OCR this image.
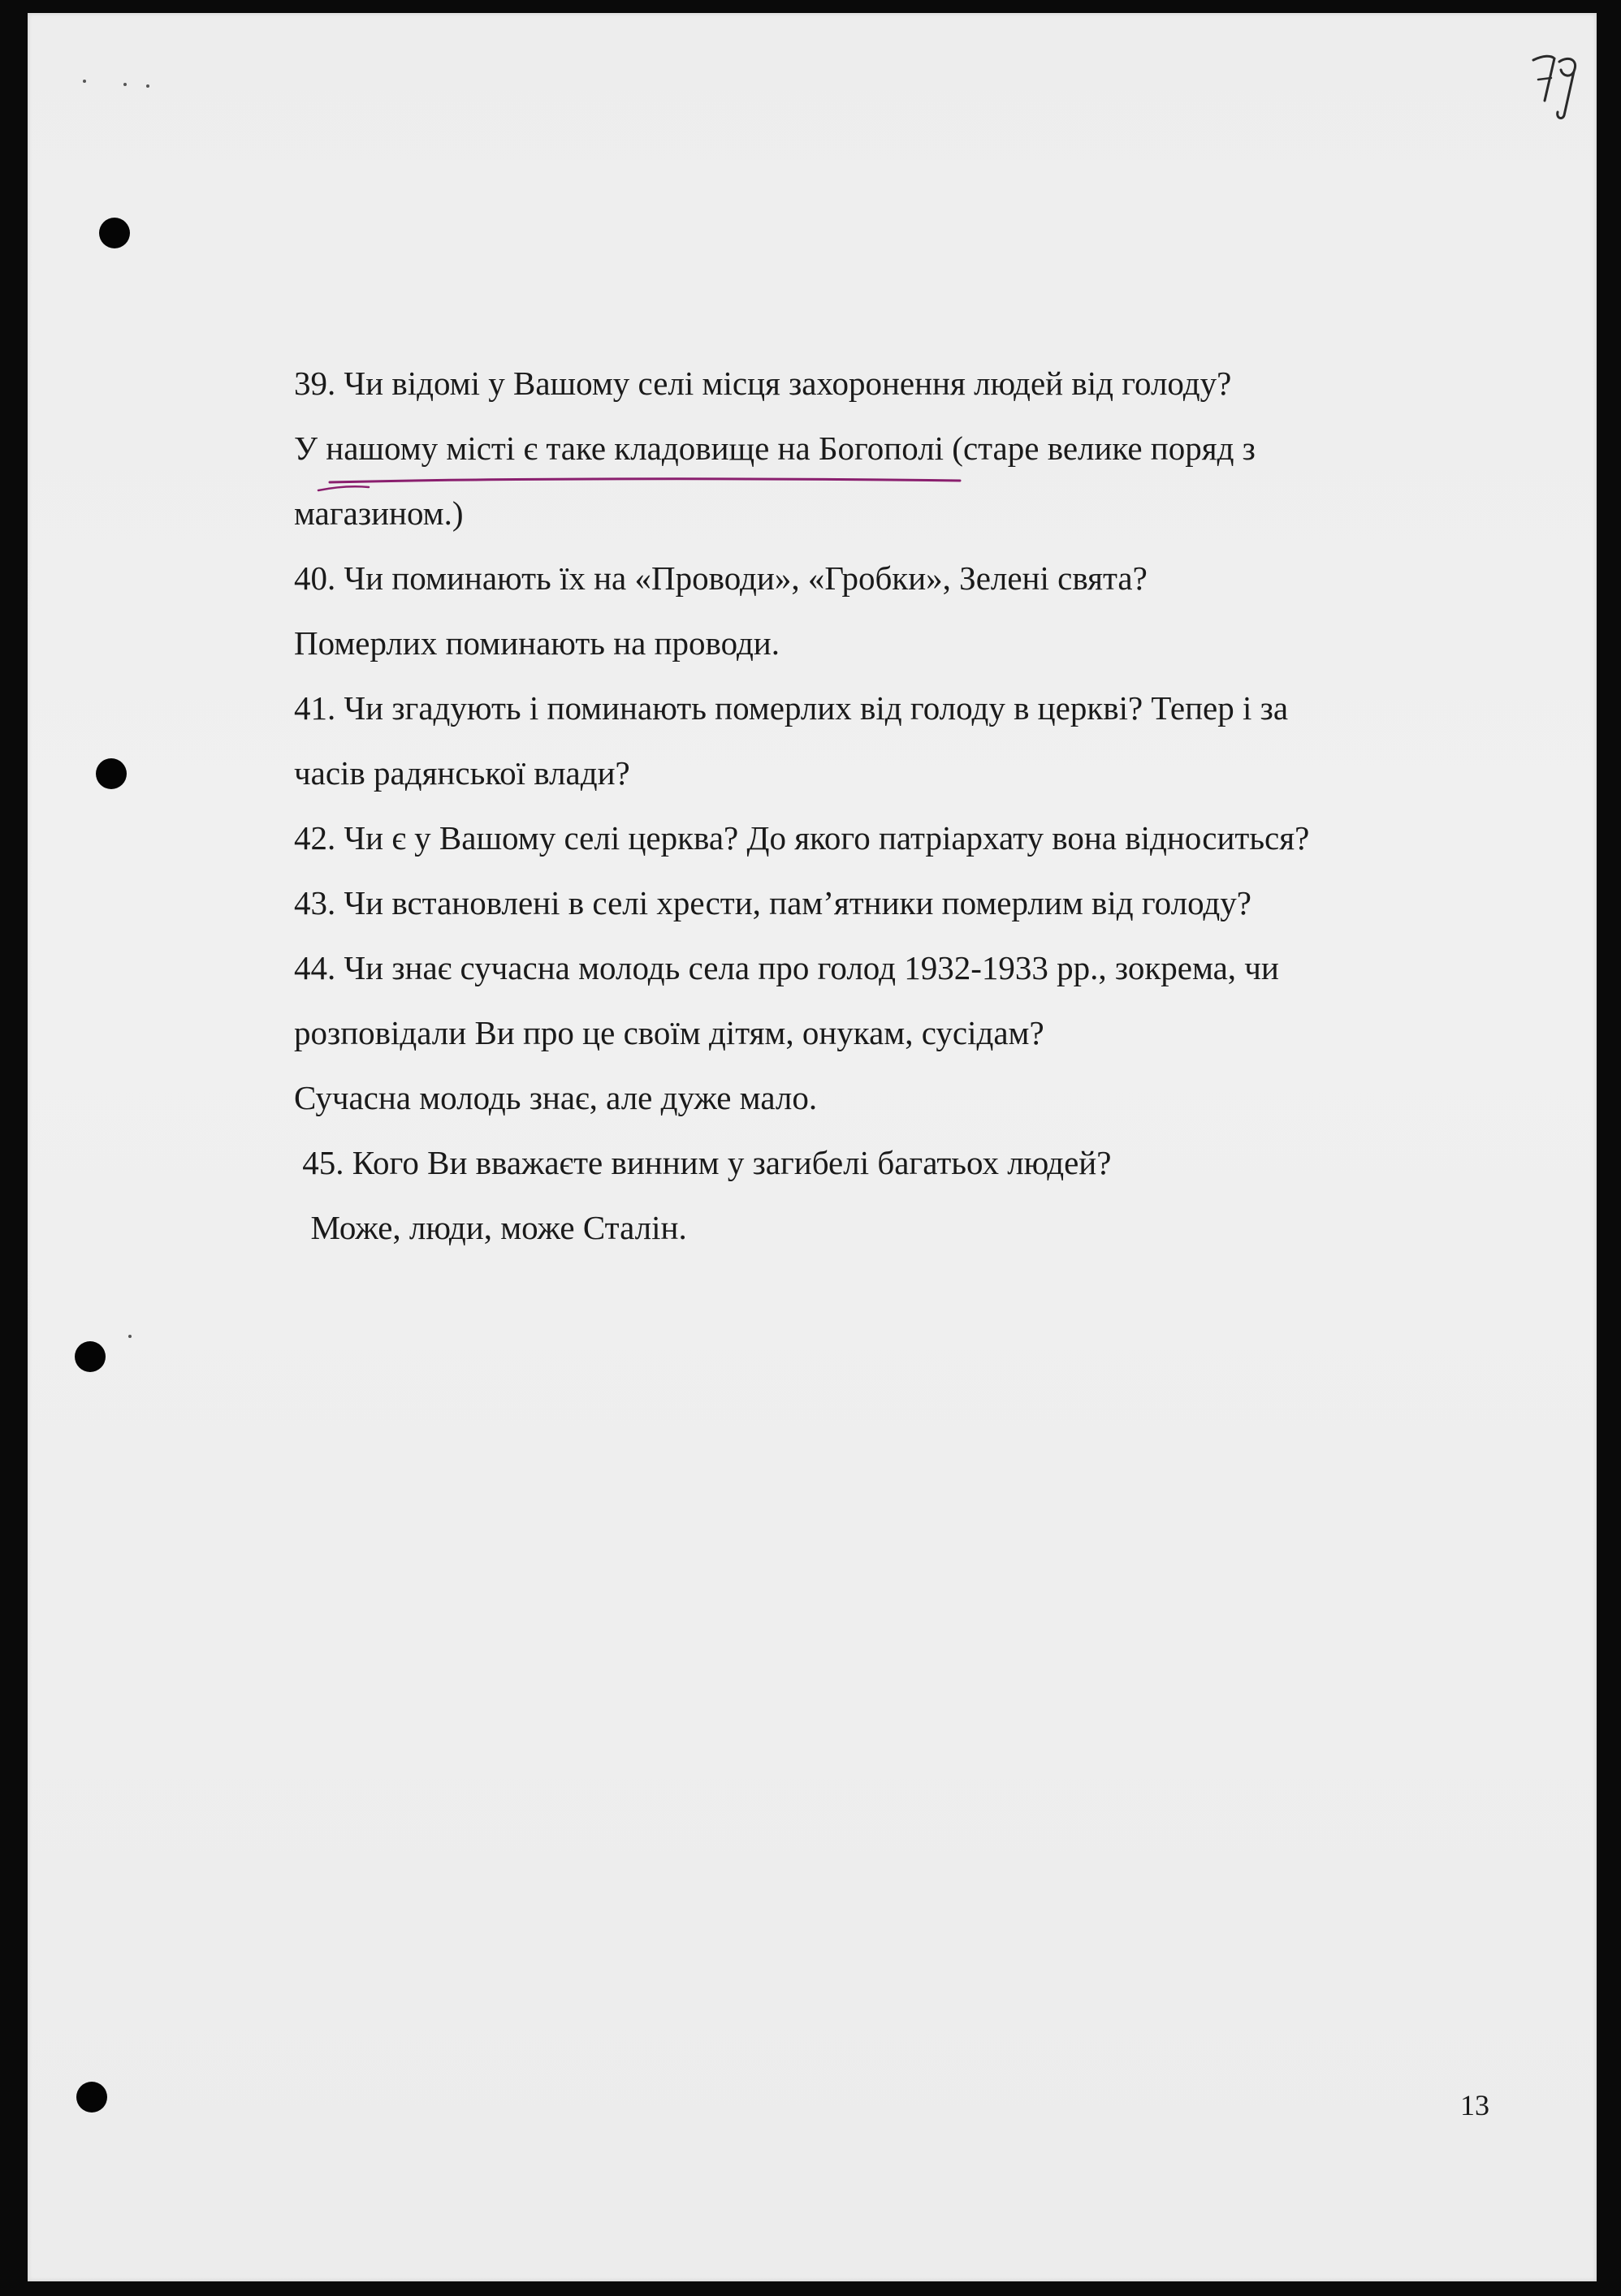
39. Чи відомі у Вашому селі місця захоронення людей від голоду?
У нашому місті є таке кладовище на Богополі (старе велике поряд з
магазином.)
40. Чи поминають їх на «Проводи», «Гробки», Зелені свята?
Померлих поминають на проводи.
41. Чи згадують і поминають померлих від голоду в церкві? Тепер і за
часів радянської влади?
42. Чи є у Вашому селі церква? До якого патріархату вона відноситься?
43. Чи встановлені в селі хрести, пам’ятники померлим від голоду?
44. Чи знає сучасна молодь села про голод 1932-1933 рр., зокрема, чи
розповідали Ви про це своїм дітям, онукам, сусідам?
Сучасна молодь знає, але дуже мало.
45. Кого Ви вважаєте винним у загибелі багатьох людей?
Може, люди, може Сталін.
13
